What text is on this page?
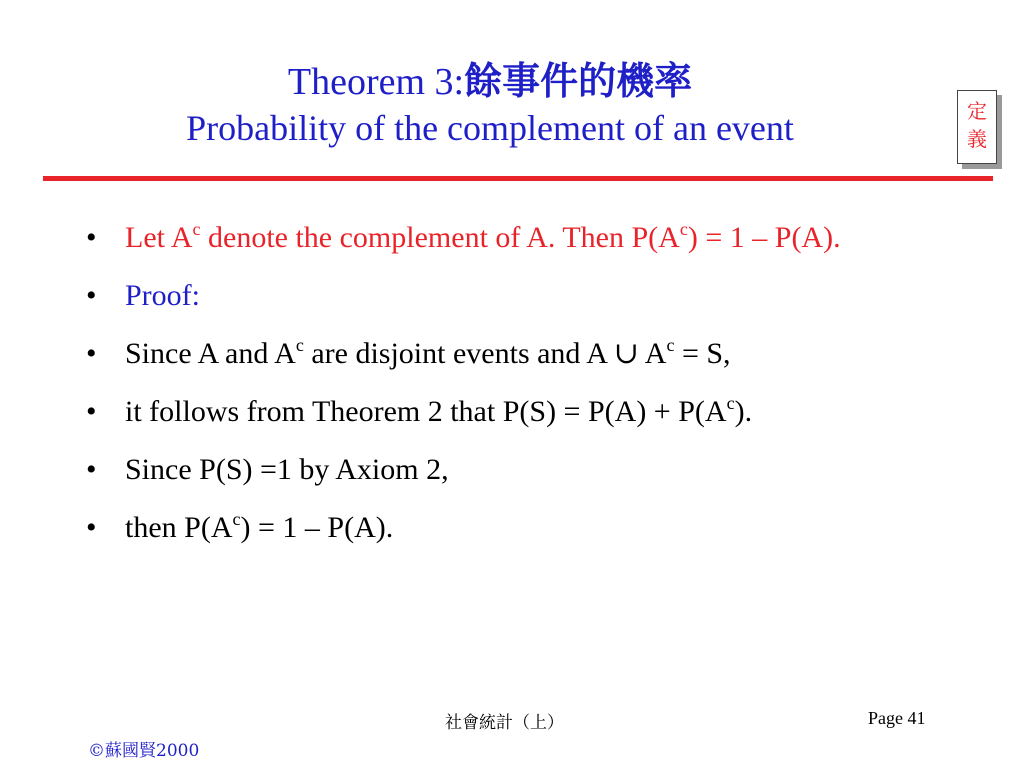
Theorem 3:餘事件的機率
Probability of the complement of an event	定
義
• Let $A^c$ denote the complement of A. Then $P(A^c) = 1 - P(A)$.
• Proof:
• Since A and $A^c$ are disjoint events and A ∪ $A^c = S$,
• it follows from Theorem 2 that $P(S) = P(A) + P(A^c)$.
• Since P(S) =1 by Axiom 2,
• then $P(A^c) = 1 - P(A)$.
社會統計（上）	Page 41
©蘇國賢2000
